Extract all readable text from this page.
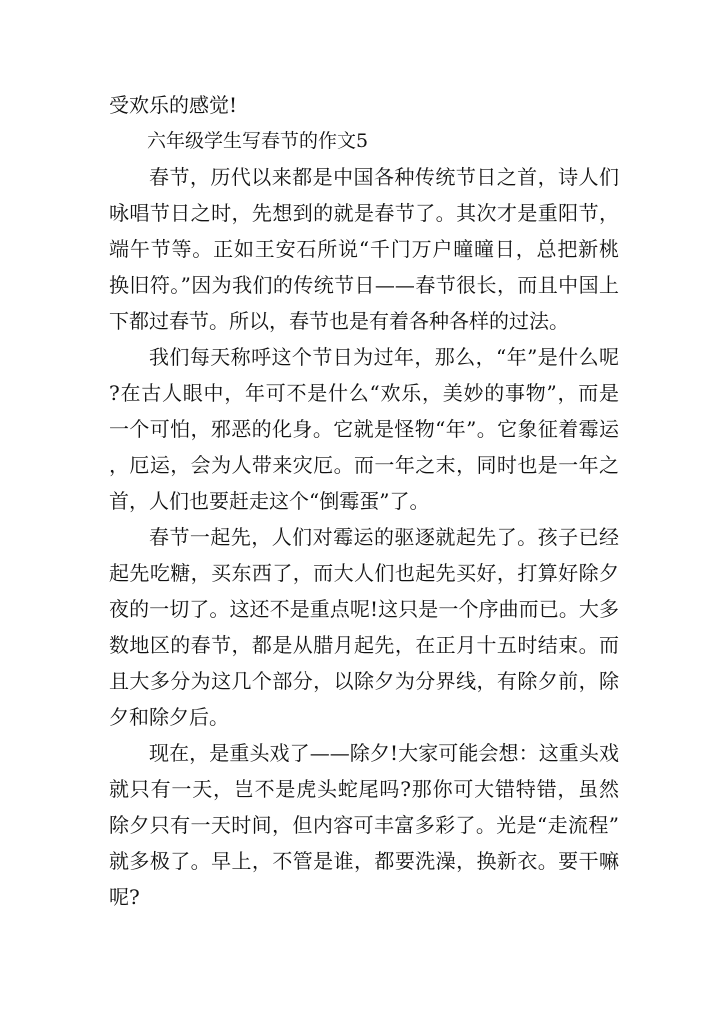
受欢乐的感觉!

六年级学生写春节的作文5

春节，历代以来都是中国各种传统节日之首，诗人们咏唱节日之时，先想到的就是春节了。其次才是重阳节，端午节等。正如王安石所说“千门万户曈曈日，总把新桃换旧符。”因为我们的传统节日——春节很长，而且中国上下都过春节。所以，春节也是有着各种各样的过法。

我们每天称呼这个节日为过年，那么，“年”是什么呢?在古人眼中，年可不是什么“欢乐，美妙的事物”，而是一个可怕，邪恶的化身。它就是怪物“年”。它象征着霉运，厄运，会为人带来灾厄。而一年之末，同时也是一年之首，人们也要赶走这个“倒霉蛋”了。

春节一起先，人们对霉运的驱逐就起先了。孩子已经起先吃糖，买东西了，而大人们也起先买好，打算好除夕夜的一切了。这还不是重点呢!这只是一个序曲而已。大多数地区的春节，都是从腊月起先，在正月十五时结束。而且大多分为这几个部分，以除夕为分界线，有除夕前，除夕和除夕后。

现在，是重头戏了——除夕!大家可能会想：这重头戏就只有一天，岂不是虎头蛇尾吗?那你可大错特错，虽然除夕只有一天时间，但内容可丰富多彩了。光是“走流程”就多极了。早上，不管是谁，都要洗澡，换新衣。要干嘛呢?
